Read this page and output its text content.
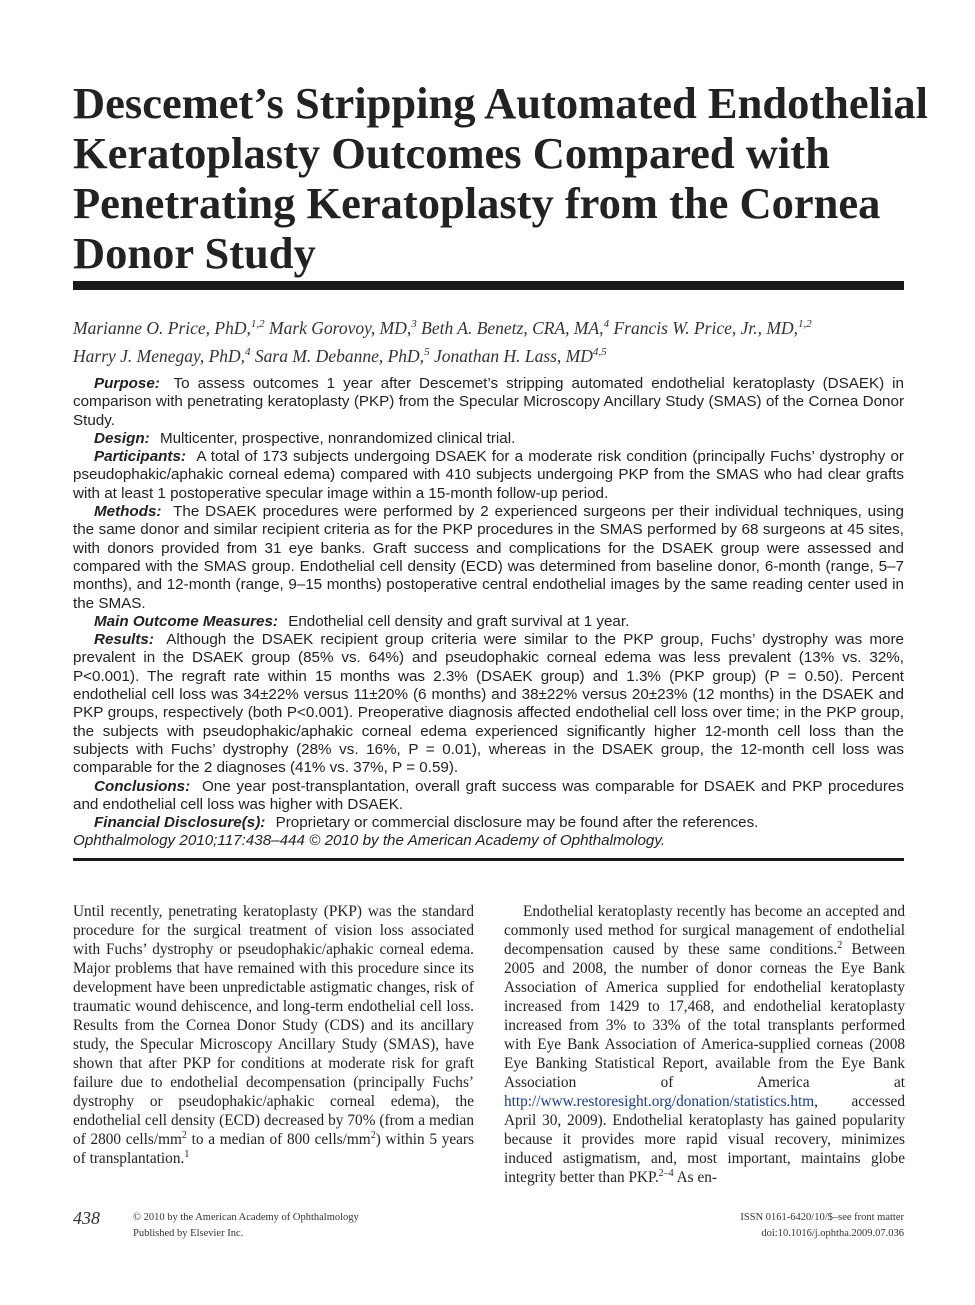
Descemet’s Stripping Automated Endothelial
Keratoplasty Outcomes Compared with
Penetrating Keratoplasty from the Cornea
Donor Study
Marianne O. Price, PhD,$^{1,2}$ Mark Gorovoy, MD,$^3$ Beth A. Benetz, CRA, MA,$^4$ Francis W. Price, Jr., MD,$^{1,2}$
Harry J. Menegay, PhD,$^4$ Sara M. Debanne, PhD,$^5$ Jonathan H. Lass, MD$^{4,5}$

Purpose: To assess outcomes 1 year after Descemet’s stripping automated endothelial keratoplasty (DSAEK) in comparison with penetrating keratoplasty (PKP) from the Specular Microscopy Ancillary Study (SMAS) of the Cornea Donor Study.

Design: Multicenter, prospective, nonrandomized clinical trial.

Participants: A total of 173 subjects undergoing DSAEK for a moderate risk condition (principally Fuchs’ dystrophy or pseudophakic/aphakic corneal edema) compared with 410 subjects undergoing PKP from the SMAS who had clear grafts with at least 1 postoperative specular image within a 15-month follow-up period.

Methods: The DSAEK procedures were performed by 2 experienced surgeons per their individual techniques, using the same donor and similar recipient criteria as for the PKP procedures in the SMAS performed by 68 surgeons at 45 sites, with donors provided from 31 eye banks. Graft success and complications for the DSAEK group were assessed and compared with the SMAS group. Endothelial cell density (ECD) was determined from baseline donor, 6-month (range, 5–7 months), and 12-month (range, 9–15 months) postoperative central endothelial images by the same reading center used in the SMAS.

Main Outcome Measures: Endothelial cell density and graft survival at 1 year.

Results: Although the DSAEK recipient group criteria were similar to the PKP group, Fuchs’ dystrophy was more prevalent in the DSAEK group (85% vs. 64%) and pseudophakic corneal edema was less prevalent (13% vs. 32%, P<0.001). The regraft rate within 15 months was 2.3% (DSAEK group) and 1.3% (PKP group) (P = 0.50). Percent endothelial cell loss was 34±22% versus 11±20% (6 months) and 38±22% versus 20±23% (12 months) in the DSAEK and PKP groups, respectively (both P<0.001). Preoperative diagnosis affected endothelial cell loss over time; in the PKP group, the subjects with pseudophakic/aphakic corneal edema experienced significantly higher 12-month cell loss than the subjects with Fuchs’ dystrophy (28% vs. 16%, P = 0.01), whereas in the DSAEK group, the 12-month cell loss was comparable for the 2 diagnoses (41% vs. 37%, P = 0.59).

Conclusions: One year post-transplantation, overall graft success was comparable for DSAEK and PKP procedures and endothelial cell loss was higher with DSAEK.

Financial Disclosure(s): Proprietary or commercial disclosure may be found after the references.

Ophthalmology 2010;117:438–444 © 2010 by the American Academy of Ophthalmology.

Until recently, penetrating keratoplasty (PKP) was the standard procedure for the surgical treatment of vision loss associated with Fuchs’ dystrophy or pseudophakic/aphakic corneal edema. Major problems that have remained with this procedure since its development have been unpredictable astigmatic changes, risk of traumatic wound dehiscence, and long-term endothelial cell loss. Results from the Cornea Donor Study (CDS) and its ancillary study, the Specular Microscopy Ancillary Study (SMAS), have shown that after PKP for conditions at moderate risk for graft failure due to endothelial decompensation (principally Fuchs’ dystrophy or pseudophakic/aphakic corneal edema), the endothelial cell density (ECD) decreased by 70% (from a median of 2800 cells/$mm^2$ to a median of 800 cells/$mm^2$) within 5 years of transplantation.$^1$

Endothelial keratoplasty recently has become an accepted and commonly used method for surgical management of endothelial decompensation caused by these same conditions.$^2$ Between 2005 and 2008, the number of donor corneas the Eye Bank Association of America supplied for endothelial keratoplasty increased from 1429 to 17,468, and endothelial keratoplasty increased from 3% to 33% of the total transplants performed with Eye Bank Association of America-supplied corneas (2008 Eye Banking Statistical Report, available from the Eye Bank Association of America at http://www.restoresight.org/donation/statistics.htm, accessed April 30, 2009). Endothelial keratoplasty has gained popularity because it provides more rapid visual recovery, minimizes induced astigmatism, and, most important, maintains globe integrity better than PKP.$^{2-4}$ As en-

438	© 2010 by the American Academy of Ophthalmology
Published by Elsevier Inc.
ISSN 0161-6420/10/$–see front matter
doi:10.1016/j.ophtha.2009.07.036
